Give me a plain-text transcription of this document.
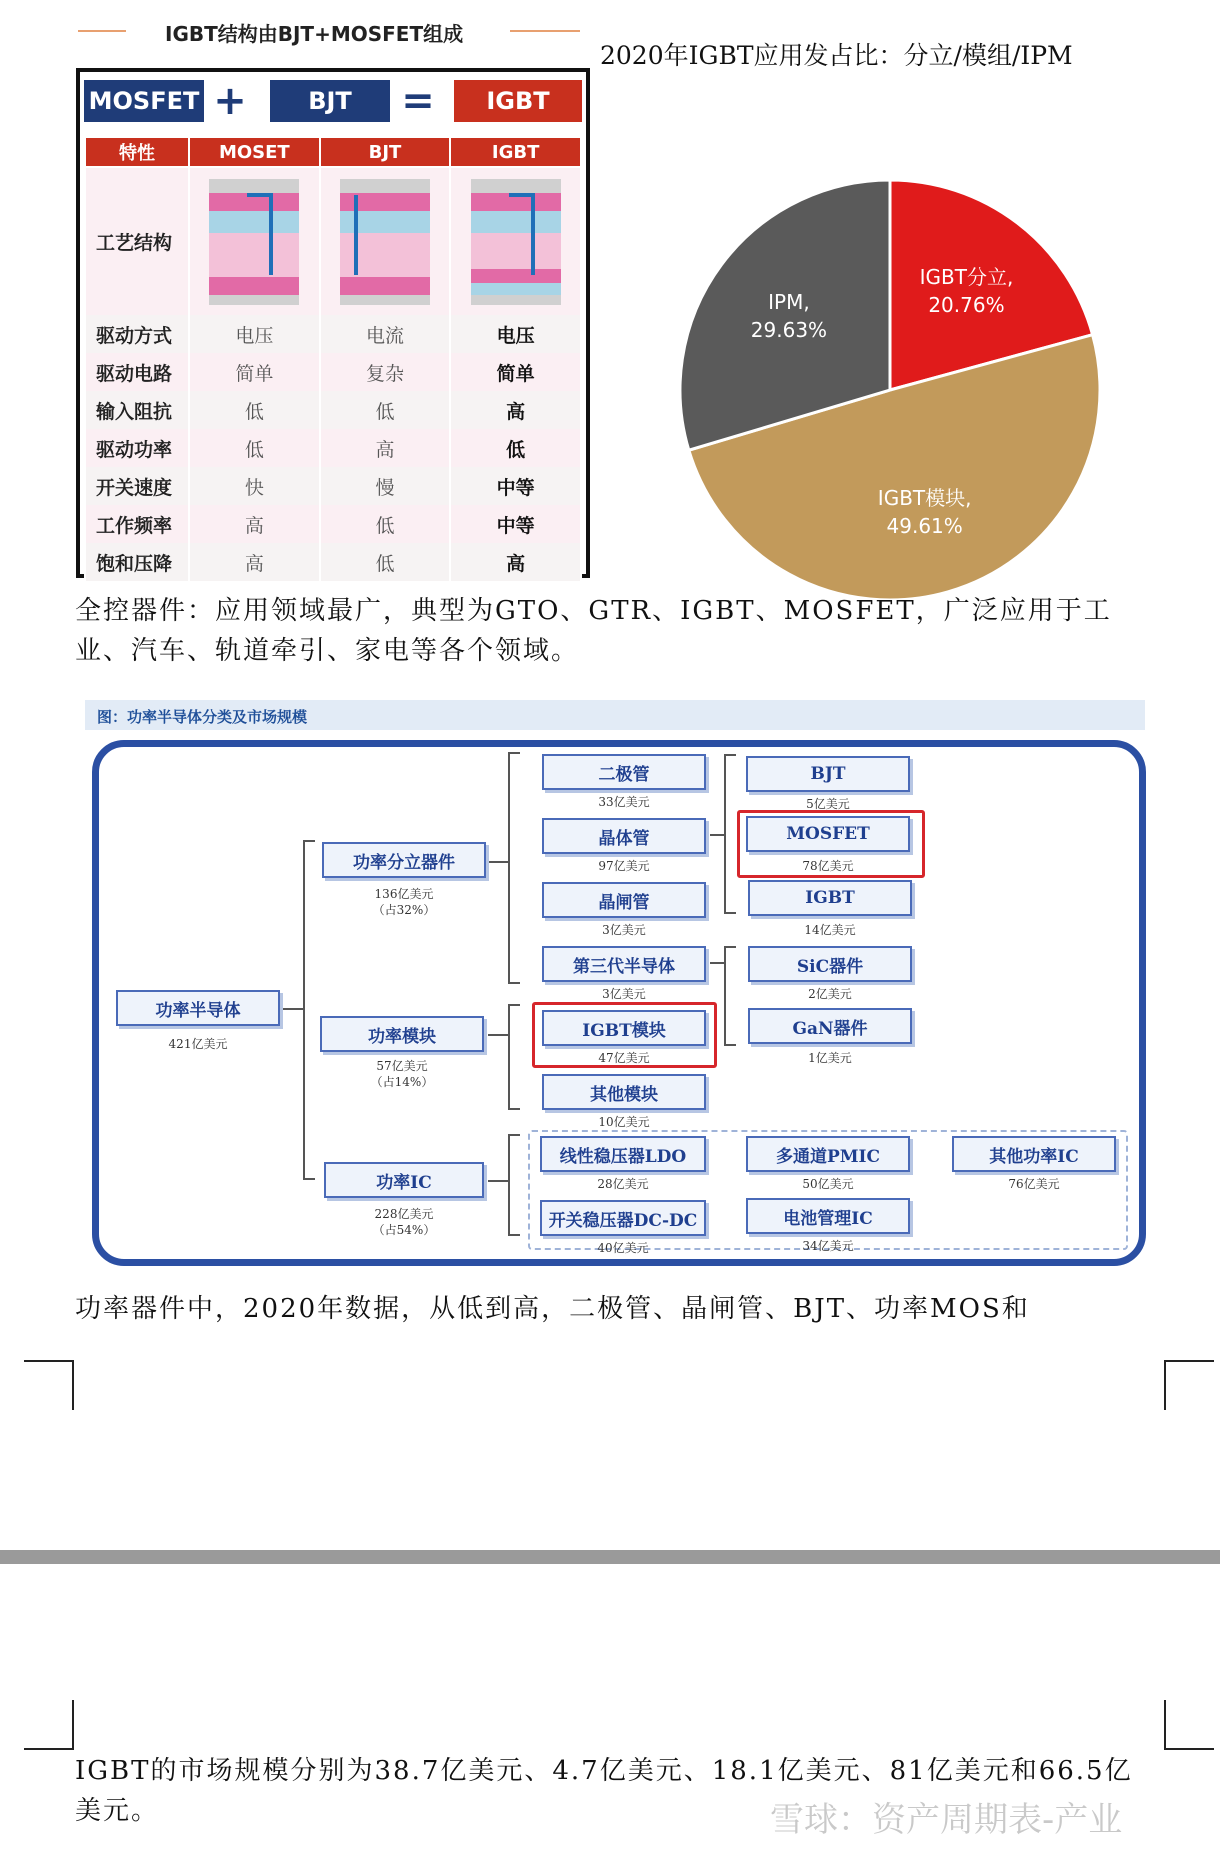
IGBT结构由BJT+MOSFET组成
MOSFET +	BJT	=	IGBT
特性	MOSET	BJT	IGBT
工艺结构	

驱动方式	电压	电流	电压
驱动电路	简单	复杂	简单
输入阻抗	低	低	高
驱动功率	低	高	低
开关速度	快	慢	中等
工作频率	高	低	中等
饱和压降	高	低	高
2020年IGBT应用发占比：分立/模组/IPM
IGBT分立,
20.76%
IGBT模块,
49.61%
IPM,
29.63%
全控器件：应用领域最广，典型为GTO、GTR、IGBT、MOSFET，广泛应用于工
业、汽车、轨道牵引、家电等各个领域。
图：功率半导体分类及市场规模
功率半导体
421亿美元
功率分立器件
136亿美元
（占32%）
功率模块
57亿美元
（占14%）
功率IC
228亿美元
（占54%）
二极管
33亿美元
晶体管
97亿美元
晶闸管
3亿美元
第三代半导体
3亿美元
IGBT模块
47亿美元
其他模块
10亿美元
BJT
5亿美元
MOSFET
78亿美元
IGBT
14亿美元
SiC器件
2亿美元
GaN器件
1亿美元
线性稳压器LDO
28亿美元
开关稳压器DC-DC
40亿美元
多通道PMIC
50亿美元
电池管理IC
34亿美元
其他功率IC
76亿美元
功率器件中，2020年数据，从低到高，二极管、晶闸管、BJT、功率MOS和
IGBT的市场规模分别为38.7亿美元、4.7亿美元、18.1亿美元、81亿美元和66.5亿
美元。	雪球：资产周期表-产业
